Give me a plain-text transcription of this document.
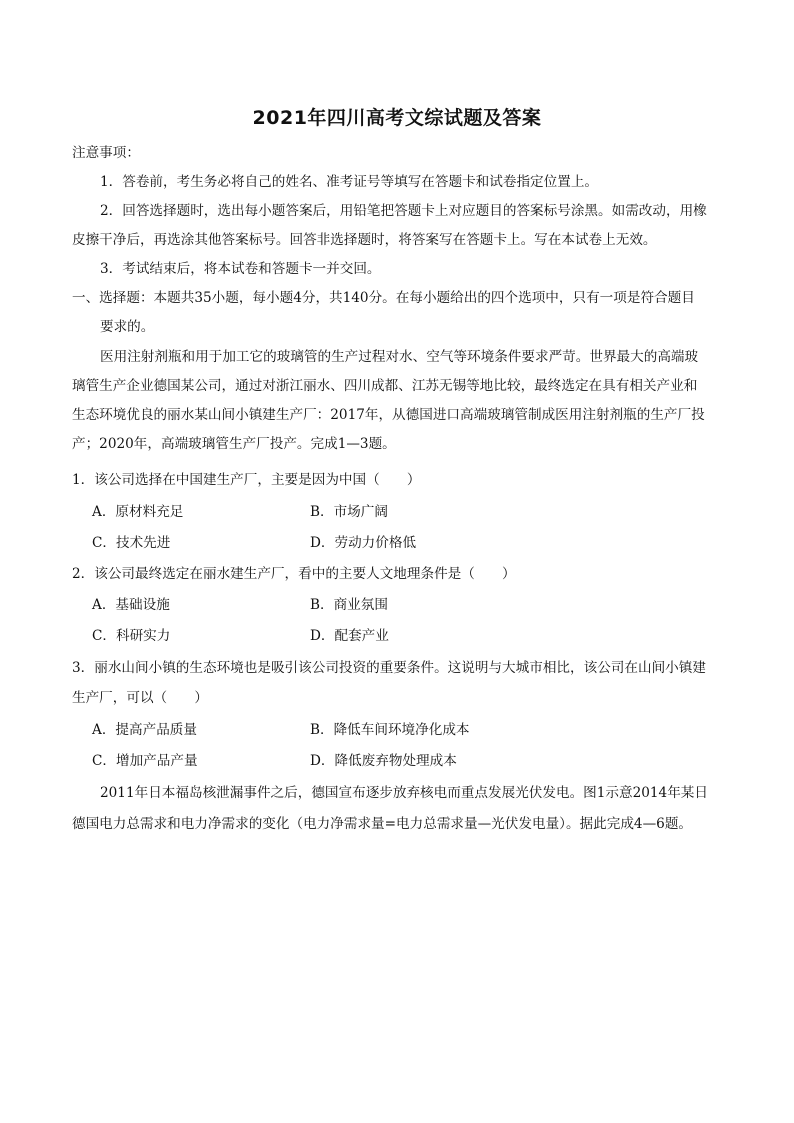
2021年四川高考文综试题及答案
注意事项：
1．答卷前，考生务必将自己的姓名、准考证号等填写在答题卡和试卷指定位置上。
2．回答选择题时，选出每小题答案后，用铅笔把答题卡上对应题目的答案标号涂黑。如需改动，用橡
皮擦干净后，再选涂其他答案标号。回答非选择题时，将答案写在答题卡上。写在本试卷上无效。
3．考试结束后，将本试卷和答题卡一并交回。
一、选择题：本题共35小题，每小题4分，共140分。在每小题给出的四个选项中，只有一项是符合题目
要求的。
医用注射剂瓶和用于加工它的玻璃管的生产过程对水、空气等环境条件要求严苛。世界最大的高端玻
璃管生产企业德国某公司，通过对浙江丽水、四川成都、江苏无锡等地比较，最终选定在具有相关产业和
生态环境优良的丽水某山间小镇建生产厂：2017年，从德国进口高端玻璃管制成医用注射剂瓶的生产厂投
产；2020年，高端玻璃管生产厂投产。完成1—3题。
1．该公司选择在中国建生产厂，主要是因为中国（　　）
A．原材料充足	B．市场广阔
C．技术先进	D．劳动力价格低
2．该公司最终选定在丽水建生产厂，看中的主要人文地理条件是（　　）
A．基础设施	B．商业氛围
C．科研实力	D．配套产业
3．丽水山间小镇的生态环境也是吸引该公司投资的重要条件。这说明与大城市相比，该公司在山间小镇建
生产厂，可以（　　）
A．提高产品质量	B．降低车间环境净化成本
C．增加产品产量	D．降低废弃物处理成本
2011年日本福岛核泄漏事件之后，德国宣布逐步放弃核电而重点发展光伏发电。图1示意2014年某日
德国电力总需求和电力净需求的变化（电力净需求量=电力总需求量—光伏发电量）。据此完成4—6题。
